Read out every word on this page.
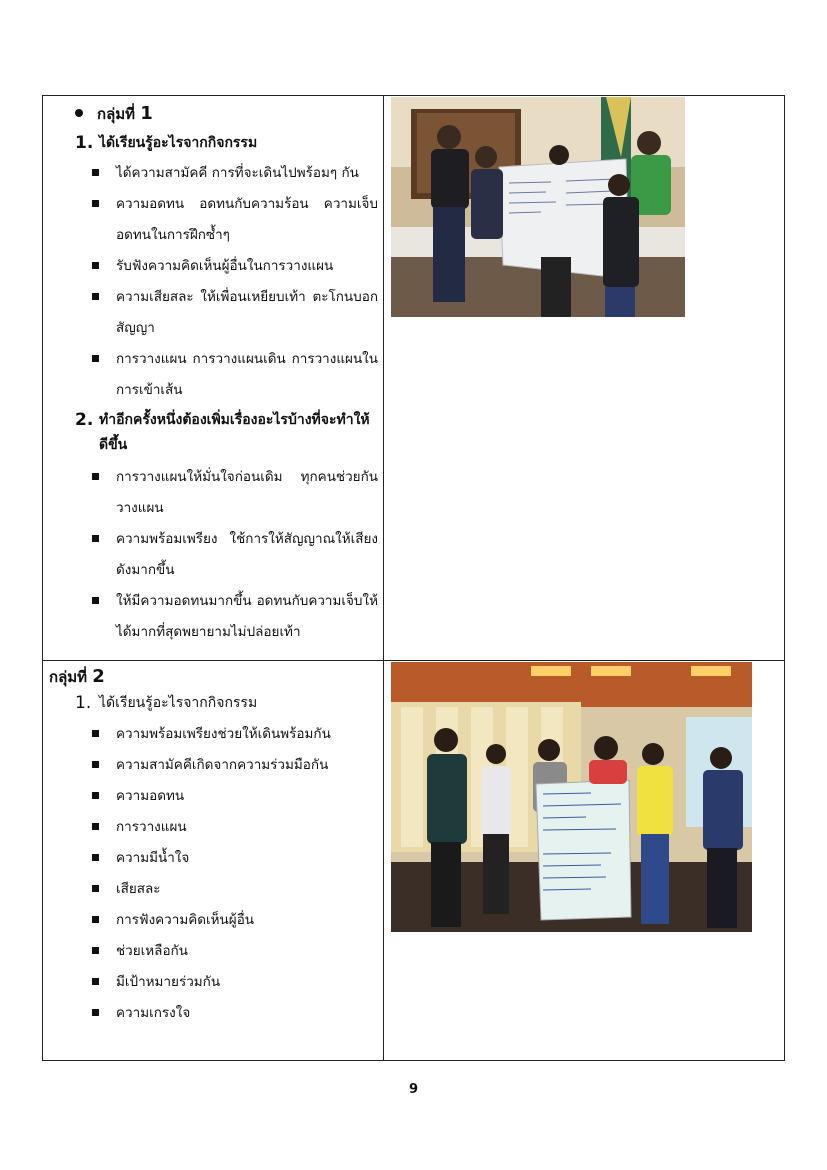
กลุ่มที่ 1
1. ได้เรียนรู้อะไรจากกิจกรรม
ได้ความสามัคคี การที่จะเดินไปพร้อมๆ กัน
ความอดทน อดทนกับความร้อน ความเจ็บ อดทนในการฝึกซ้ำๆ
รับฟังความคิดเห็นผู้อื่นในการวางแผน
ความเสียสละ ให้เพื่อนเหยียบเท้า ตะโกนบอกสัญญา
การวางแผน การวางแผนเดิน การวางแผนในการเข้าเส้น
2. ทำอีกครั้งหนึ่งต้องเพิ่มเรื่องอะไรบ้างที่จะทำให้ดีขึ้น
การวางแผนให้มั่นใจก่อนเดิม ทุกคนช่วยกันวางแผน
ความพร้อมเพรียง ใช้การให้สัญญาณให้เสียงดังมากขึ้น
ให้มีความอดทนมากขึ้น อดทนกับความเจ็บให้ได้มากที่สุดพยายามไม่ปล่อยเท้า
กลุ่มที่ 2
1. ได้เรียนรู้อะไรจากกิจกรรม
ความพร้อมเพรียงช่วยให้เดินพร้อมกัน
ความสามัคคีเกิดจากความร่วมมือกัน
ความอดทน
การวางแผน
ความมีน้ำใจ
เสียสละ
การฟังความคิดเห็นผู้อื่น
ช่วยเหลือกัน
มีเป้าหมายร่วมกัน
ความเกรงใจ
9
